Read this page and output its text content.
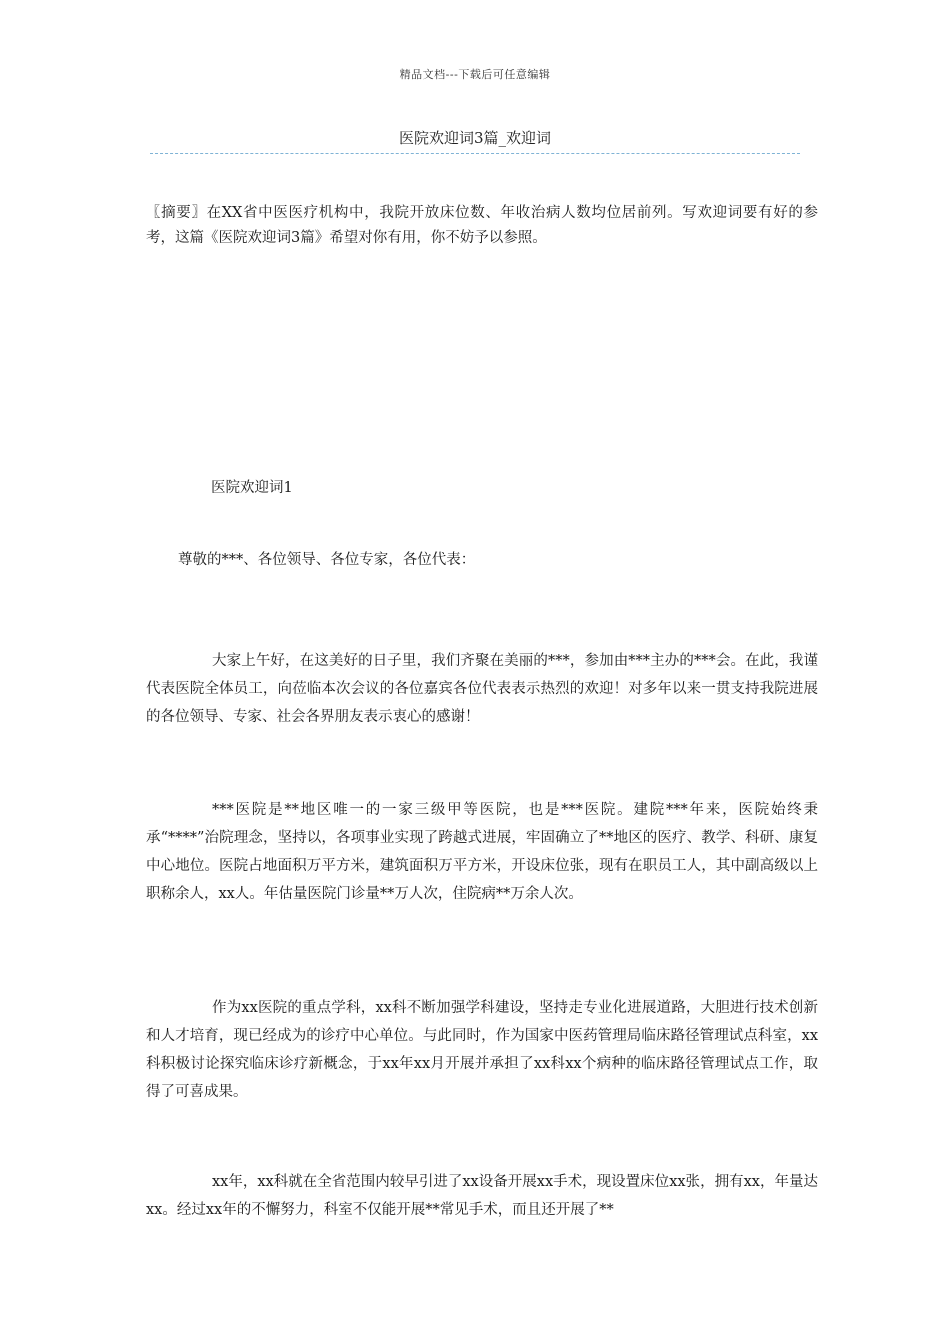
精品文档---下载后可任意编辑
医院欢迎词3篇_欢迎词
〖摘要〗在XX省中医医疗机构中，我院开放床位数、年收治病人数均位居前列。写欢迎词要有好的参考，这篇《医院欢迎词3篇》希望对你有用，你不妨予以参照。
医院欢迎词1
尊敬的***、各位领导、各位专家，各位代表：
大家上午好，在这美好的日子里，我们齐聚在美丽的***，参加由***主办的***会。在此，我谨代表医院全体员工，向莅临本次会议的各位嘉宾各位代表表示热烈的欢迎！对多年以来一贯支持我院进展的各位领导、专家、社会各界朋友表示衷心的感谢！
***医院是**地区唯一的一家三级甲等医院，也是***医院。建院***年来，医院始终秉承“****”治院理念，坚持以，各项事业实现了跨越式进展，牢固确立了**地区的医疗、教学、科研、康复中心地位。医院占地面积万平方米，建筑面积万平方米，开设床位张，现有在职员工人，其中副高级以上职称余人，xx人。年估量医院门诊量**万人次，住院病**万余人次。
作为xx医院的重点学科，xx科不断加强学科建设，坚持走专业化进展道路，大胆进行技术创新和人才培育，现已经成为的诊疗中心单位。与此同时，作为国家中医药管理局临床路径管理试点科室，xx科积极讨论探究临床诊疗新概念，于xx年xx月开展并承担了xx科xx个病种的临床路径管理试点工作，取得了可喜成果。
xx年，xx科就在全省范围内较早引进了xx设备开展xx手术，现设置床位xx张，拥有xx，年量达xx。经过xx年的不懈努力，科室不仅能开展**常见手术，而且还开展了**
